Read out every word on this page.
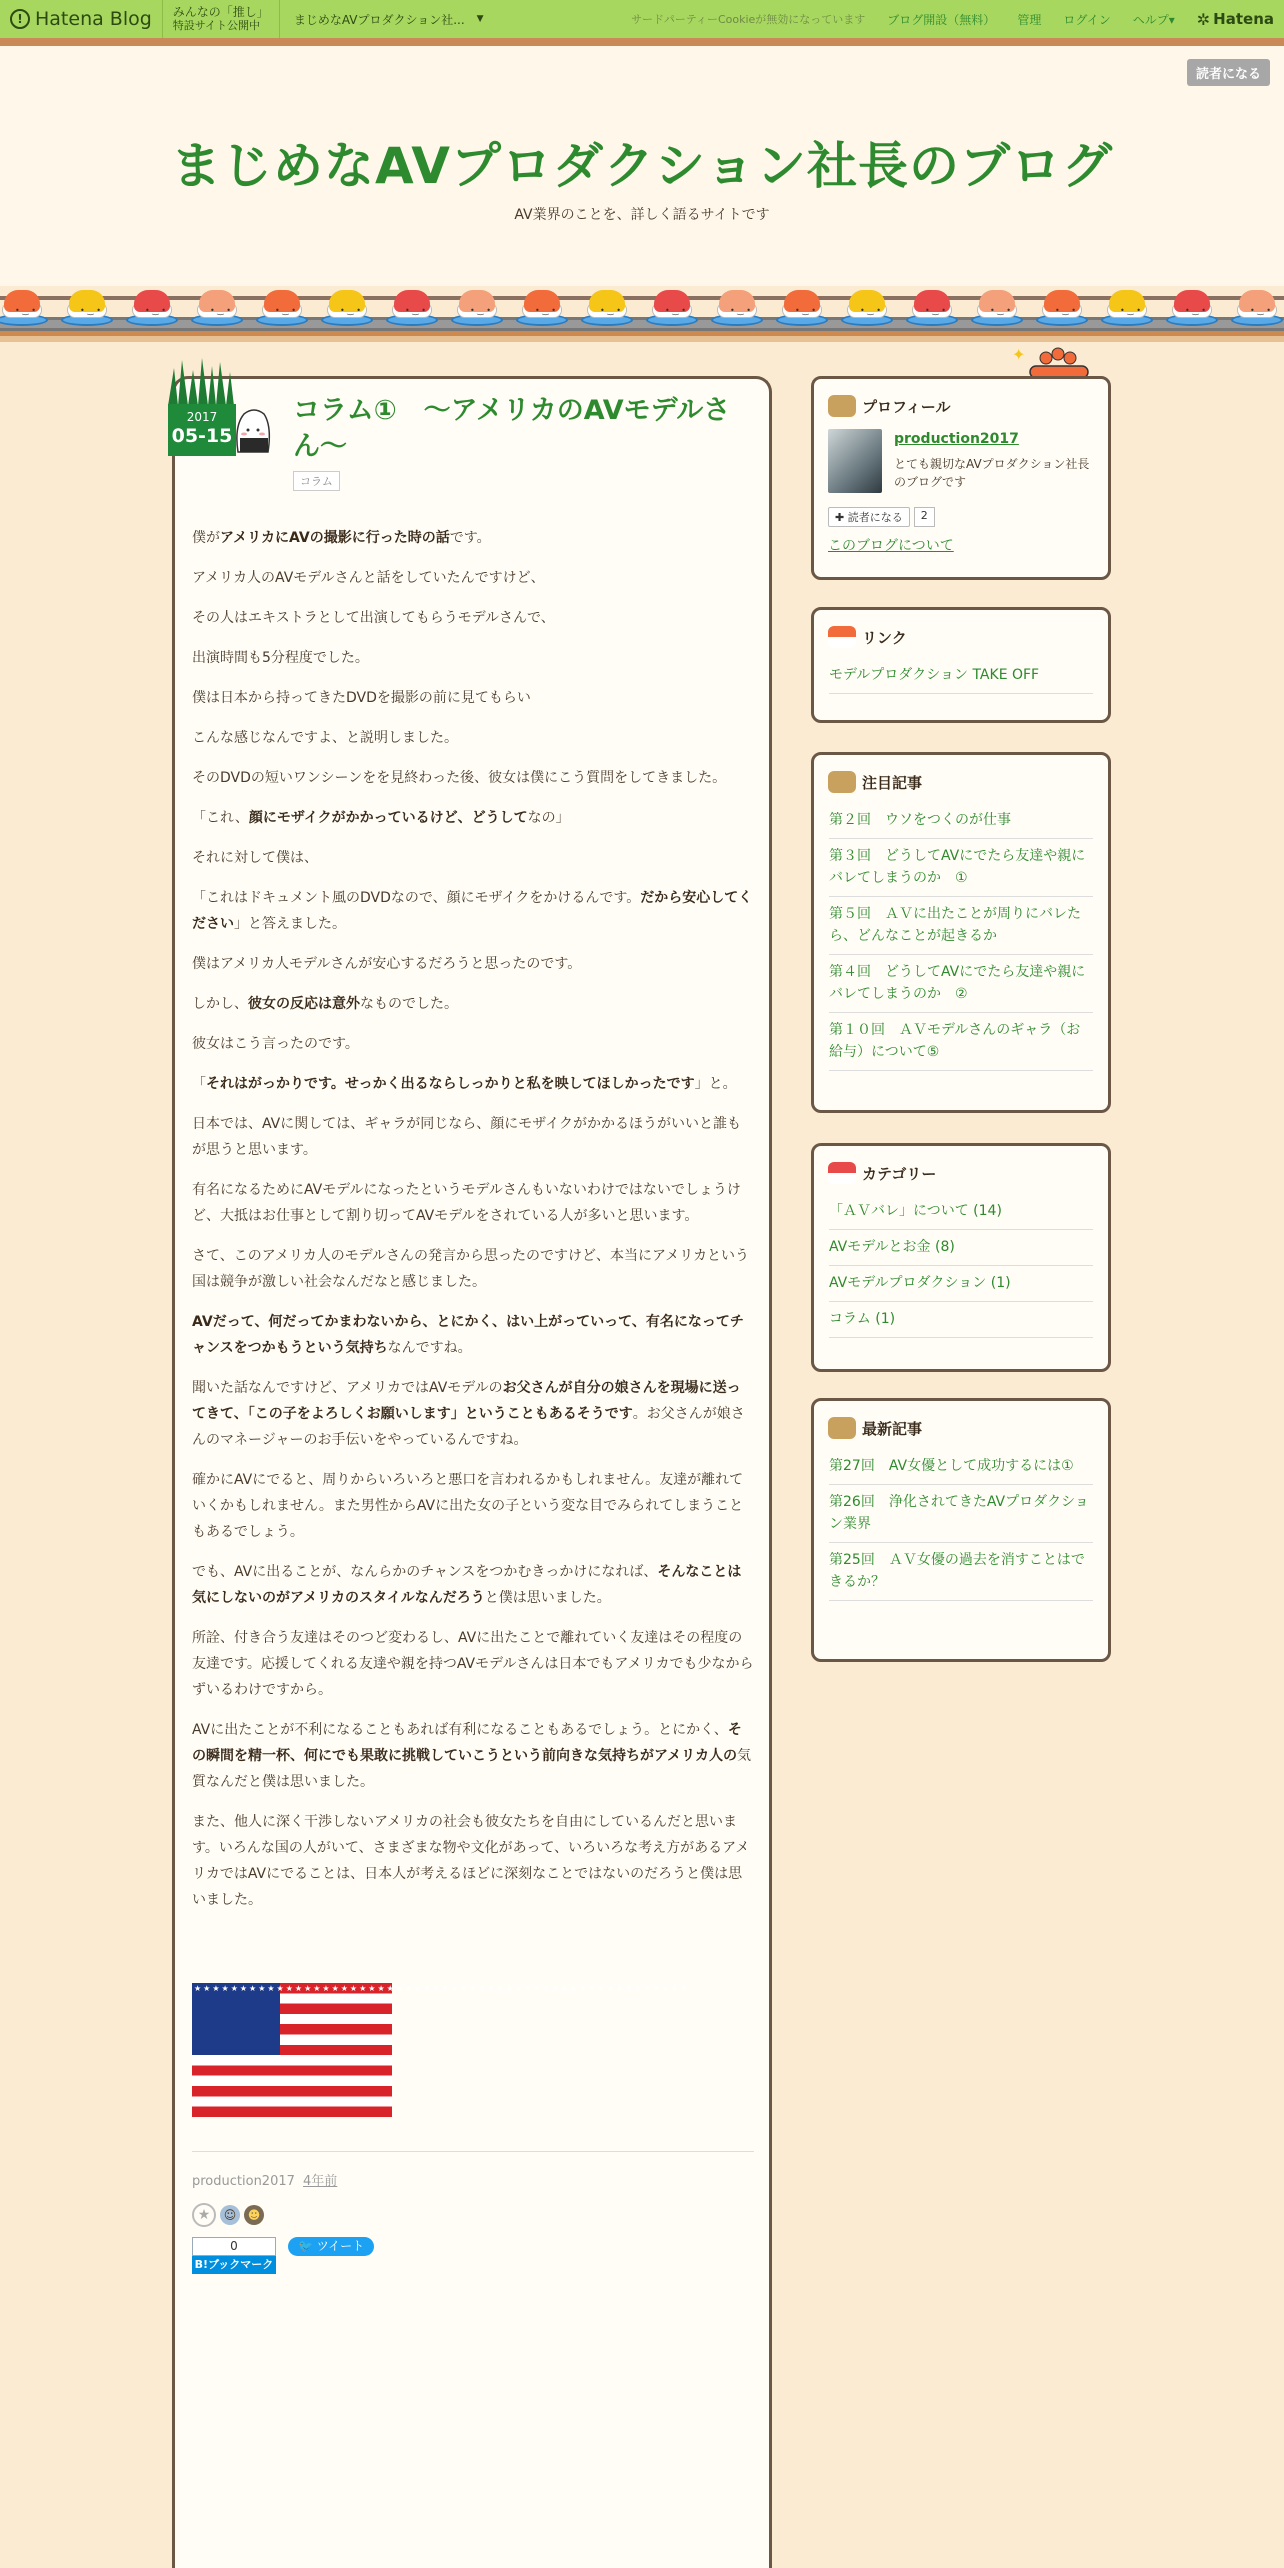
! Hatena Blog みんなの「推し」
特設サイト公開中	まじめなAVプロダクション社... ▼	サードパーティーCookieが無効になっています ブログ開設（無料） 管理 ログイン ヘルプ▾ ✲ Hatena
まじめなAVプロダクション社長のブログ
AV業界のことを、詳しく語るサイトです
読者になる
• ‿ •	• ‿ •	• ‿ •	• ‿ •	• ‿ •	• ‿ •	• ‿ •	• ‿ •	• ‿ •	• ‿ •	• ‿ •	• ‿ •	• ‿ •	• ‿ •	• ‿ •	• ‿ •	• ‿ •	• ‿ •	• ‿ •	• ‿ •
コラム①　～アメリカのAVモデルさん～
コラム

僕がアメリカにAVの撮影に行った時の話です。

アメリカ人のAVモデルさんと話をしていたんですけど、

その人はエキストラとして出演してもらうモデルさんで、

出演時間も5分程度でした。

僕は日本から持ってきたDVDを撮影の前に見てもらい

こんな感じなんですよ、と説明しました。

そのDVDの短いワンシーンをを見終わった後、彼女は僕にこう質問をしてきました。

「これ、顔にモザイクがかかっているけど、どうしてなの」

それに対して僕は、

「これはドキュメント風のDVDなので、顔にモザイクをかけるんです。だから安心してください」と答えました。

僕はアメリカ人モデルさんが安心するだろうと思ったのです。

しかし、彼女の反応は意外なものでした。

彼女はこう言ったのです。

「それはがっかりです。せっかく出るならしっかりと私を映してほしかったです」と。

日本では、AVに関しては、ギャラが同じなら、顔にモザイクがかかるほうがいいと誰もが思うと思います。

有名になるためにAVモデルになったというモデルさんもいないわけではないでしょうけど、大抵はお仕事として割り切ってAVモデルをされている人が多いと思います。

さて、このアメリカ人のモデルさんの発言から思ったのですけど、本当にアメリカという国は競争が激しい社会なんだなと感じました。

AVだって、何だってかまわないから、とにかく、はい上がっていって、有名になってチャンスをつかもうという気持ちなんですね。

聞いた話なんですけど、アメリカではAVモデルのお父さんが自分の娘さんを現場に送ってきて、「この子をよろしくお願いします」ということもあるそうです。お父さんが娘さんのマネージャーのお手伝いをやっているんですね。

確かにAVにでると、周りからいろいろと悪口を言われるかもしれません。友達が離れていくかもしれません。また男性からAVに出た女の子という変な目でみられてしまうこともあるでしょう。

でも、AVに出ることが、なんらかのチャンスをつかむきっかけになれば、そんなことは気にしないのがアメリカのスタイルなんだろうと僕は思いました。

所詮、付き合う友達はそのつど変わるし、AVに出たことで離れていく友達はその程度の友達です。応援してくれる友達や親を持つAVモデルさんは日本でもアメリカでも少なからずいるわけですから。

AVに出たことが不利になることもあれば有利になることもあるでしょう。とにかく、その瞬間を精一杯、何にでも果敢に挑戦していこうという前向きな気持ちがアメリカ人の気質なんだと僕は思いました。

また、他人に深く干渉しないアメリカの社会も彼女たちを自由にしているんだと思います。いろんな国の人がいて、さまざまな物や文化があって、いろいろな考え方があるアメリカではAVにでることは、日本人が考えるほどに深刻なことではないのだろうと僕は思いました。

★★★★★★★★★★★★★★★★★★★★★★★★★★★★★★★★★★★★★★★★★★★★★★★★★★★★★★
production2017 4年前
★	☺ ☻
0
B!ブックマーク
🐦 ツイート
2017
05-15
✦
プロフィール
production2017
とても親切なAVプロダクション社長のブログです
✚ 読者になる	2
このブログについて
リンク
モデルプロダクション TAKE OFF
注目記事
第２回　ウソをつくのが仕事
第３回　どうしてAVにでたら友達や親にバレてしまうのか　①
第５回　ＡＶに出たことが周りにバレたら、どんなことが起きるか
第４回　どうしてAVにでたら友達や親にバレてしまうのか　②
第１０回　ＡＶモデルさんのギャラ（お給与）について⑤
カテゴリー
「ＡＶバレ」について (14)
AVモデルとお金 (8)
AVモデルプロダクション (1)
コラム (1)
最新記事
第27回　AV女優として成功するには①
第26回　浄化されてきたAVプロダクション業界
第25回　ＡＶ女優の過去を消すことはできるか？
